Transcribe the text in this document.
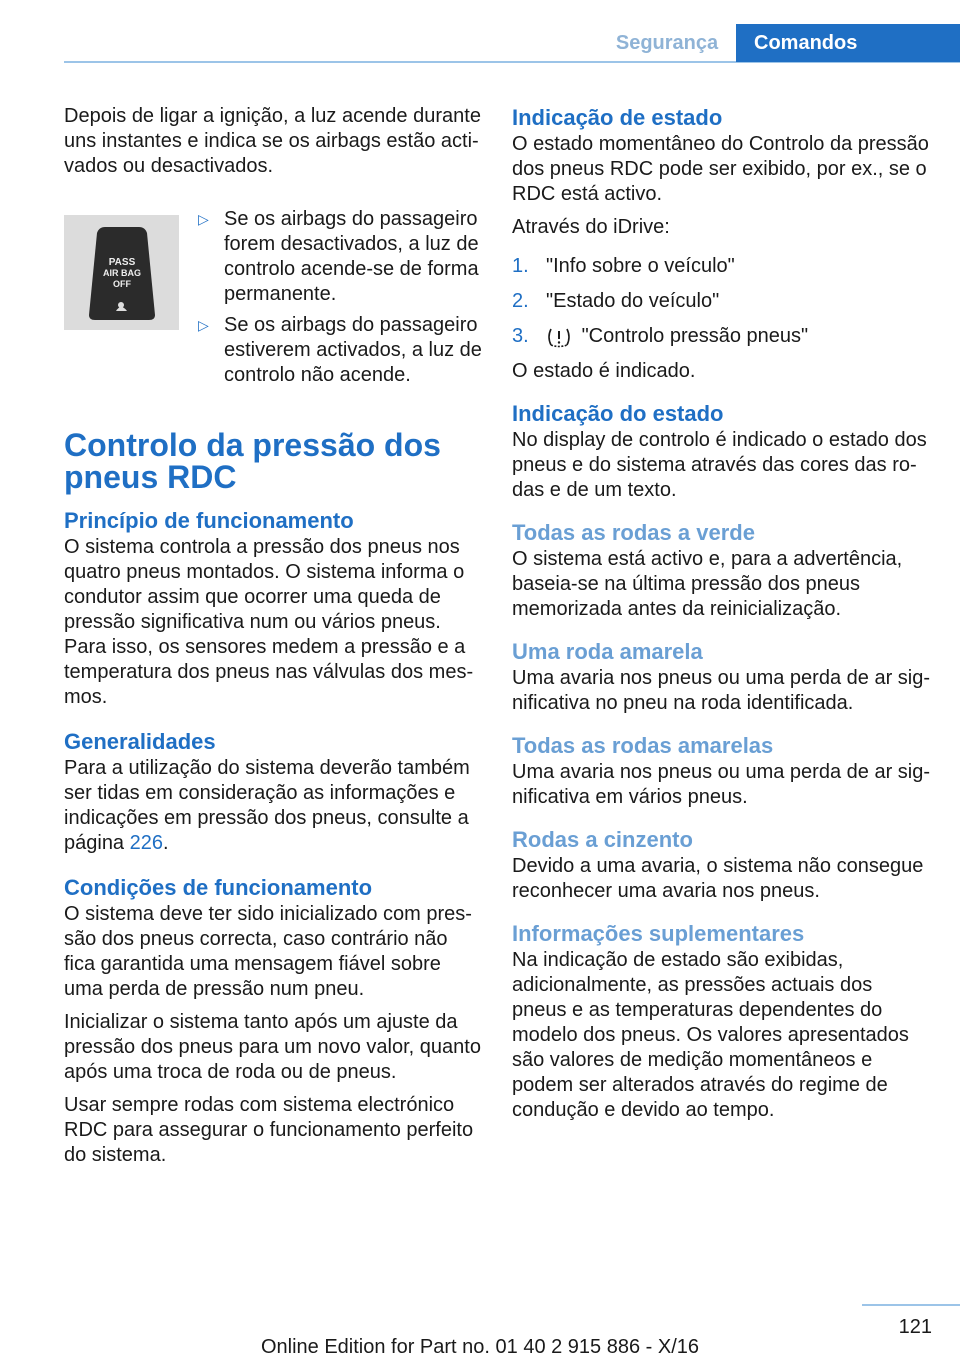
Segurança	Comandos

Depois de ligar a ignição, a luz acende durante uns instantes e indica se os airbags estão activados ou desactivados.

PASS
AIR BAG
OFF
▷ Se os airbags do passageiro forem desactivados, a luz de controlo acende-se de forma permanente.
▷ Se os airbags do passageiro estiverem activados, a luz de controlo não acende.
Controlo da pressão dos pneus RDC
Princípio de funcionamento

O sistema controla a pressão dos pneus nos quatro pneus montados. O sistema informa o condutor assim que ocorrer uma queda de pressão significativa num ou vários pneus.

Para isso, os sensores medem a pressão e a temperatura dos pneus nas válvulas dos mesmos.

Generalidades

Para a utilização do sistema deverão também ser tidas em consideração as informações e indicações em pressão dos pneus, consulte a página 226.

Condições de funcionamento

O sistema deve ter sido inicializado com pressão dos pneus correcta, caso contrário não fica garantida uma mensagem fiável sobre uma perda de pressão num pneu.

Inicializar o sistema tanto após um ajuste da pressão dos pneus para um novo valor, quanto após uma troca de roda ou de pneus.

Usar sempre rodas com sistema electrónico RDC para assegurar o funcionamento perfeito do sistema.

Indicação de estado

O estado momentâneo do Controlo da pressão dos pneus RDC pode ser exibido, por ex., se o RDC está activo.

Através do iDrive:

1. "Info sobre o veículo"
2. "Estado do veículo"
3.	"Controlo pressão pneus"

O estado é indicado.

Indicação do estado

No display de controlo é indicado o estado dos pneus e do sistema através das cores das rodas e de um texto.

Todas as rodas a verde

O sistema está activo e, para a advertência, baseia-se na última pressão dos pneus memorizada antes da reinicialização.

Uma roda amarela

Uma avaria nos pneus ou uma perda de ar significativa no pneu na roda identificada.

Todas as rodas amarelas

Uma avaria nos pneus ou uma perda de ar significativa em vários pneus.

Rodas a cinzento

Devido a uma avaria, o sistema não consegue reconhecer uma avaria nos pneus.

Informações suplementares

Na indicação de estado são exibidas, adicionalmente, as pressões actuais dos pneus e as temperaturas dependentes do modelo dos pneus. Os valores apresentados são valores de medição momentâneos e podem ser alterados através do regime de condução e devido ao tempo.

121
Online Edition for Part no. 01 40 2 915 886 - X/16
